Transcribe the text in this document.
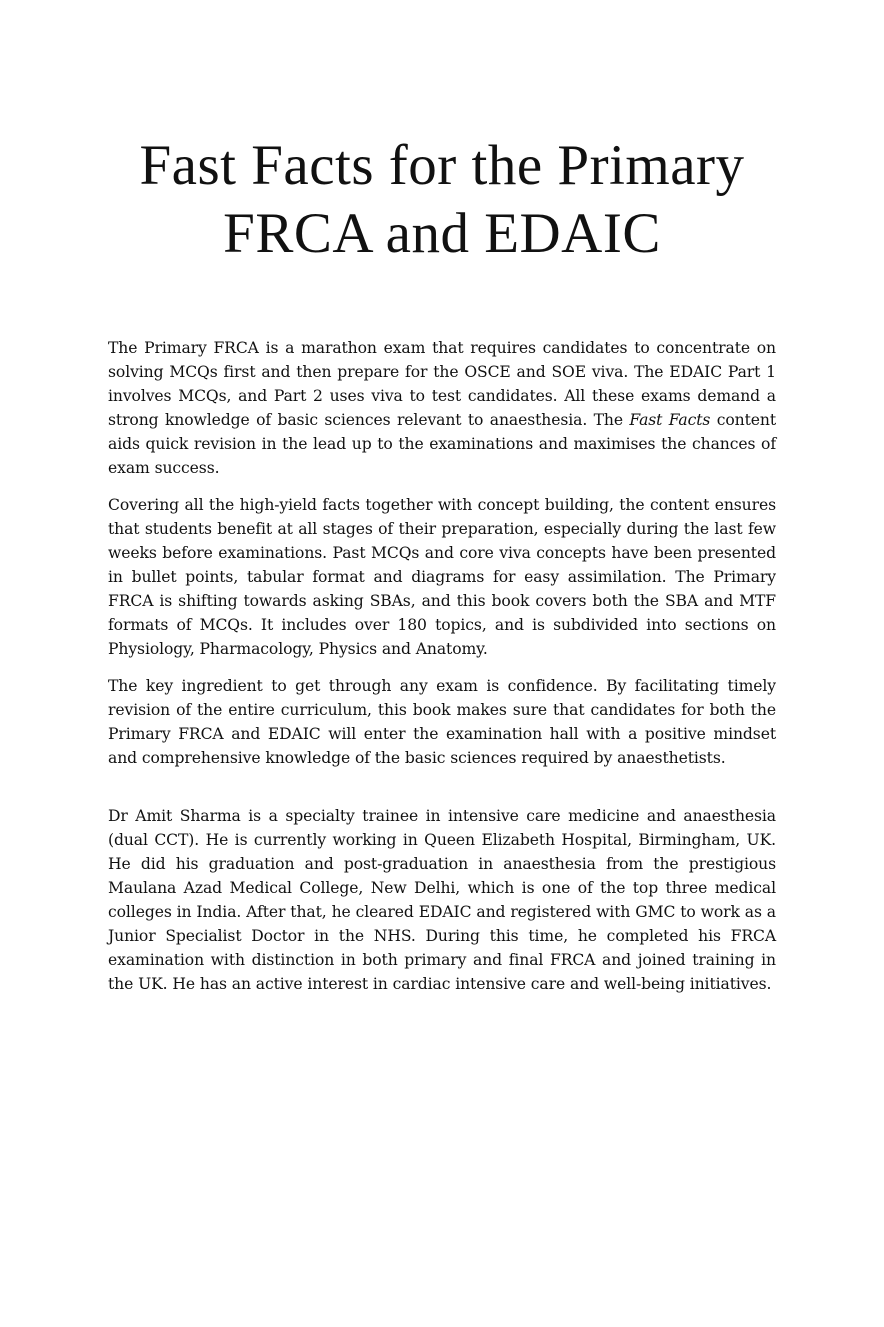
Fast Facts for the Primary
FRCA and EDAIC

The Primary FRCA is a marathon exam that requires candidates to concentrate on solving MCQs first and then prepare for the OSCE and SOE viva. The EDAIC Part 1 involves MCQs, and Part 2 uses viva to test candidates. All these exams demand a strong knowledge of basic sciences relevant to anaesthesia. The Fast Facts content aids quick revision in the lead up to the examinations and maximises the chances of exam success.

Covering all the high-yield facts together with concept building, the content ensures that students benefit at all stages of their preparation, especially during the last few weeks before examinations. Past MCQs and core viva concepts have been presented in bullet points, tabular format and diagrams for easy assimilation. The Primary FRCA is shifting towards asking SBAs, and this book covers both the SBA and MTF formats of MCQs. It includes over 180 topics, and is subdivided into sections on Physiology, Pharmacology, Physics and Anatomy.

The key ingredient to get through any exam is confidence. By facilitating timely revision of the entire curriculum, this book makes sure that candidates for both the Primary FRCA and EDAIC will enter the examination hall with a positive mindset and comprehensive knowledge of the basic sciences required by anaesthetists.

Dr Amit Sharma is a specialty trainee in intensive care medicine and anaesthesia (dual CCT). He is currently working in Queen Elizabeth Hospital, Birmingham, UK. He did his graduation and post-graduation in anaesthesia from the prestigious Maulana Azad Medical College, New Delhi, which is one of the top three medical colleges in India. After that, he cleared EDAIC and registered with GMC to work as a Junior Specialist Doctor in the NHS. During this time, he completed his FRCA examination with distinction in both primary and final FRCA and joined training in the UK. He has an active interest in cardiac intensive care and well-being initiatives.
